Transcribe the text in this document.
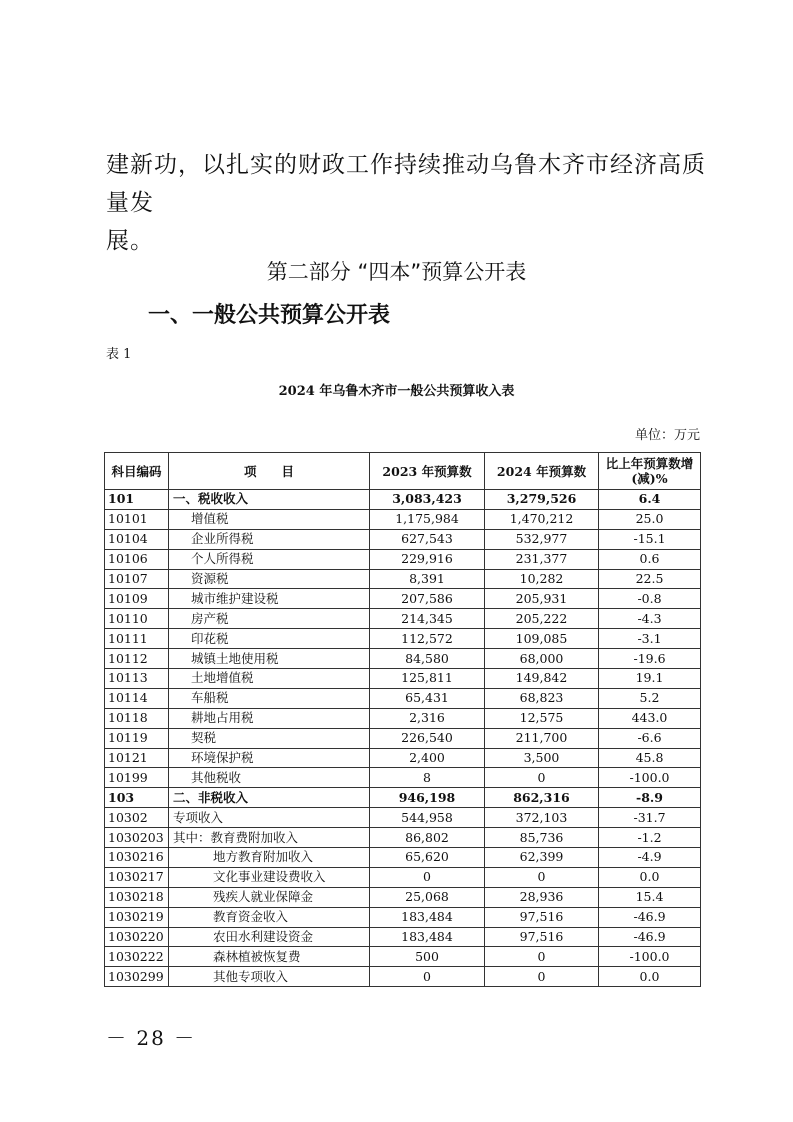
建新功，以扎实的财政工作持续推动乌鲁木齐市经济高质量发
展。
第二部分 “四本”预算公开表
一、一般公共预算公开表
表 1
2024 年乌鲁木齐市一般公共预算收入表
单位：万元
科目编码	项　　目	2023 年预算数	2024 年预算数	比上年预算数增(减)%
101	一、税收收入	3,083,423	3,279,526	6.4
10101	增值税	1,175,984	1,470,212	25.0
10104	企业所得税	627,543	532,977	-15.1
10106	个人所得税	229,916	231,377	0.6
10107	资源税	8,391	10,282	22.5
10109	城市维护建设税	207,586	205,931	-0.8
10110	房产税	214,345	205,222	-4.3
10111	印花税	112,572	109,085	-3.1
10112	城镇土地使用税	84,580	68,000	-19.6
10113	土地增值税	125,811	149,842	19.1
10114	车船税	65,431	68,823	5.2
10118	耕地占用税	2,316	12,575	443.0
10119	契税	226,540	211,700	-6.6
10121	环境保护税	2,400	3,500	45.8
10199	其他税收	8	0	-100.0
103	二、非税收入	946,198	862,316	-8.9
10302	专项收入	544,958	372,103	-31.7
1030203	其中：教育费附加收入	86,802	85,736	-1.2
1030216	地方教育附加收入	65,620	62,399	-4.9
1030217	文化事业建设费收入	0	0	0.0
1030218	残疾人就业保障金	25,068	28,936	15.4
1030219	教育资金收入	183,484	97,516	-46.9
1030220	农田水利建设资金	183,484	97,516	-46.9
1030222	森林植被恢复费	500	0	-100.0
1030299	其他专项收入	0	0	0.0
－ 28 －
